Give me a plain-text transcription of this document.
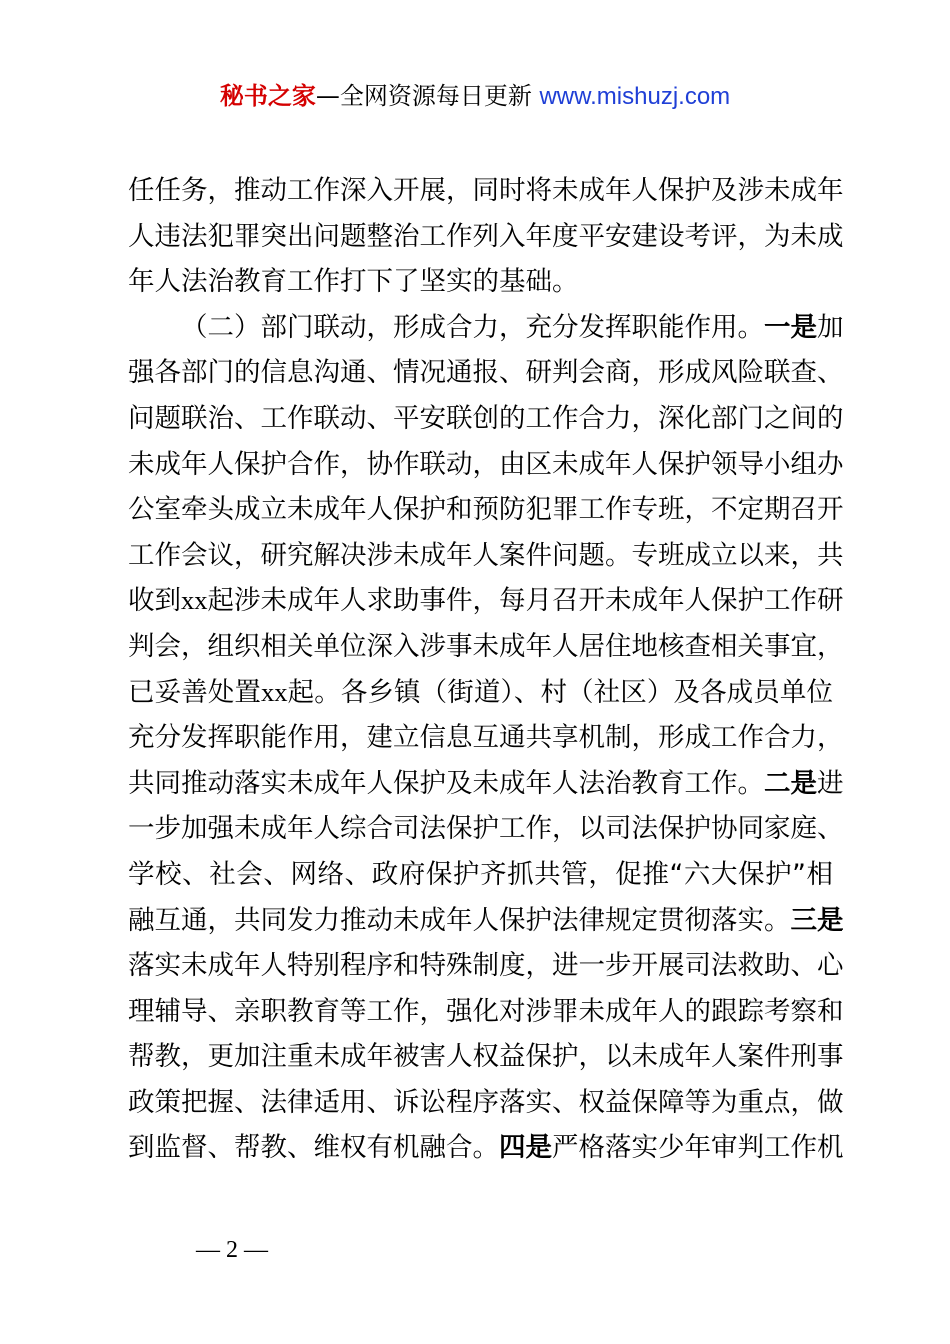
秘书之家—全网资源每日更新 www.mishuzj.com
任任务，推动工作深入开展，同时将未成年人保护及涉未成年
人违法犯罪突出问题整治工作列入年度平安建设考评，为未成
年人法治教育工作打下了坚实的基础。
（二）部门联动，形成合力，充分发挥职能作用。一是加
强各部门的信息沟通、情况通报、研判会商，形成风险联查、
问题联治、工作联动、平安联创的工作合力，深化部门之间的
未成年人保护合作，协作联动，由区未成年人保护领导小组办
公室牵头成立未成年人保护和预防犯罪工作专班，不定期召开
工作会议，研究解决涉未成年人案件问题。专班成立以来，共
收到xx起涉未成年人求助事件，每月召开未成年人保护工作研
判会，组织相关单位深入涉事未成年人居住地核查相关事宜，
已妥善处置xx起。各乡镇（街道）、村（社区）及各成员单位
充分发挥职能作用，建立信息互通共享机制，形成工作合力，
共同推动落实未成年人保护及未成年人法治教育工作。二是进
一步加强未成年人综合司法保护工作，以司法保护协同家庭、
学校、社会、网络、政府保护齐抓共管，促推“六大保护”相
融互通，共同发力推动未成年人保护法律规定贯彻落实。三是
落实未成年人特别程序和特殊制度，进一步开展司法救助、心
理辅导、亲职教育等工作，强化对涉罪未成年人的跟踪考察和
帮教，更加注重未成年被害人权益保护，以未成年人案件刑事
政策把握、法律适用、诉讼程序落实、权益保障等为重点，做
到监督、帮教、维权有机融合。四是严格落实少年审判工作机
— 2 —
